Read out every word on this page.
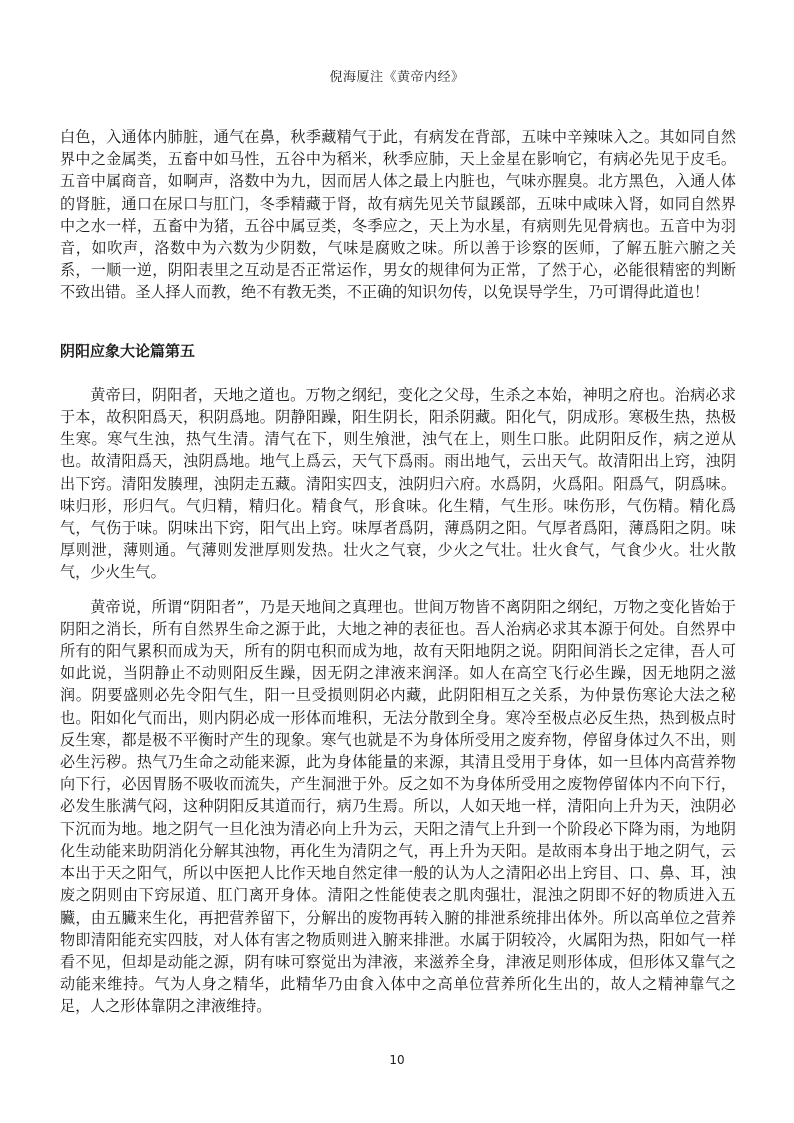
倪海厦注《黄帝内经》

白色，入通体内肺脏，通气在鼻，秋季藏精气于此，有病发在背部，五味中辛辣味入之。其如同自然界中之金属类，五畜中如马性，五谷中为稻米，秋季应肺，天上金星在影响它，有病必先见于皮毛。五音中属商音，如啊声，洛数中为九，因而居人体之最上内脏也，气味亦腥臭。北方黑色，入通人体的肾脏，通口在尿口与肛门，冬季精藏于肾，故有病先见关节鼠蹊部，五味中咸味入肾，如同自然界中之水一样，五畜中为猪，五谷中属豆类，冬季应之，天上为水星，有病则先见骨病也。五音中为羽音，如吹声，洛数中为六数为少阴数，气味是腐败之味。所以善于诊察的医师，了解五脏六腑之关系，一顺一逆，阴阳表里之互动是否正常运作，男女的规律何为正常，了然于心，必能很精密的判断不致出错。圣人择人而教，绝不有教无类，不正确的知识勿传，以免误导学生，乃可谓得此道也！

阴阳应象大论篇第五

黄帝曰，阴阳者，天地之道也。万物之纲纪，变化之父母，生杀之本始，神明之府也。治病必求于本，故积阳爲天，积阴爲地。阴静阳躁，阳生阴长，阳杀阴藏。阳化气，阴成形。寒极生热，热极生寒。寒气生浊，热气生清。清气在下，则生飧泄，浊气在上，则生口胀。此阴阳反作，病之逆从也。故清阳爲天，浊阴爲地。地气上爲云，天气下爲雨。雨出地气，云出天气。故清阳出上窍，浊阴出下窍。清阳发腠理，浊阴走五藏。清阳实四支，浊阴归六府。水爲阴，火爲阳。阳爲气，阴爲味。味归形，形归气。气归精，精归化。精食气，形食味。化生精，气生形。味伤形，气伤精。精化爲气，气伤于味。阴味出下窍，阳气出上窍。味厚者爲阴，薄爲阴之阳。气厚者爲阳，薄爲阳之阴。味厚则泄，薄则通。气薄则发泄厚则发热。壮火之气衰，少火之气壮。壮火食气，气食少火。壮火散气，少火生气。

黄帝说，所谓“阴阳者”，乃是天地间之真理也。世间万物皆不离阴阳之纲纪，万物之变化皆始于阴阳之消长，所有自然界生命之源于此，大地之神的表征也。吾人治病必求其本源于何处。自然界中所有的阳气累积而成为天，所有的阴屯积而成为地，故有天阳地阴之说。阴阳间消长之定律，吾人可如此说，当阴静止不动则阳反生躁，因无阴之津液来润泽。如人在高空飞行必生躁，因无地阴之滋润。阴要盛则必先令阳气生，阳一旦受损则阴必内藏，此阴阳相互之关系，为仲景伤寒论大法之秘也。阳如化气而出，则内阴必成一形体而堆积，无法分散到全身。寒冷至极点必反生热，热到极点时反生寒，都是极不平衡时产生的现象。寒气也就是不为身体所受用之废弃物，停留身体过久不出，则必生污秽。热气乃生命之动能来源，此为身体能量的来源，其清且受用于身体，如一旦体内高营养物向下行，必因胃肠不吸收而流失，产生洞泄于外。反之如不为身体所受用之废物停留体内不向下行，必发生胀满气闷，这种阴阳反其道而行，病乃生焉。所以，人如天地一样，清阳向上升为天，浊阴必下沉而为地。地之阴气一旦化浊为清必向上升为云，天阳之清气上升到一个阶段必下降为雨，为地阴化生动能来助阴消化分解其浊物，再化生为清阴之气，再上升为天阳。是故雨本身出于地之阴气，云本出于天之阳气，所以中医把人比作天地自然定律一般的认为人之清阳必出上窍目、口、鼻、耳，浊废之阴则由下窍尿道、肛门离开身体。清阳之性能使表之肌肉强壮，混浊之阴即不好的物质进入五臟，由五臟来生化，再把营养留下，分解出的废物再转入腑的排泄系统排出体外。所以高单位之营养物即清阳能充实四肢，对人体有害之物质则进入腑来排泄。水属于阴较冷，火属阳为热，阳如气一样看不见，但却是动能之源，阴有味可察觉出为津液，来滋养全身，津液足则形体成，但形体又靠气之动能来维持。气为人身之精华，此精华乃由食入体中之高单位营养所化生出的，故人之精神靠气之足，人之形体靠阴之津液维持。

10
